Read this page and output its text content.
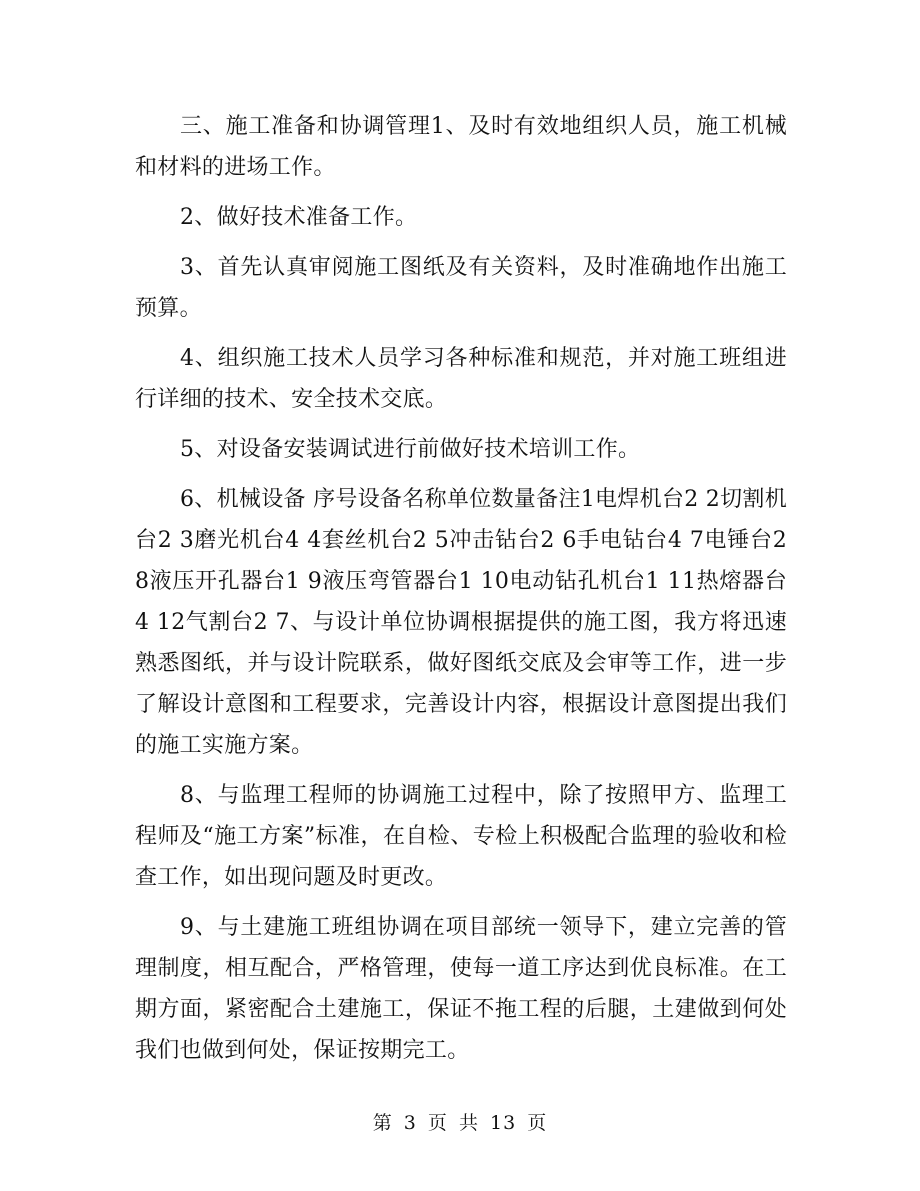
三、施工准备和协调管理1、及时有效地组织人员，施工机械和材料的进场工作。

2、做好技术准备工作。

3、首先认真审阅施工图纸及有关资料，及时准确地作出施工预算。

4、组织施工技术人员学习各种标准和规范，并对施工班组进行详细的技术、安全技术交底。

5、对设备安装调试进行前做好技术培训工作。

6、机械设备 序号设备名称单位数量备注1电焊机台2 2切割机台2 3磨光机台4 4套丝机台2 5冲击钻台2 6手电钻台4 7电锤台2 8液压开孔器台1 9液压弯管器台1 10电动钻孔机台1 11热熔器台4 12气割台2 7、与设计单位协调根据提供的施工图，我方将迅速熟悉图纸，并与设计院联系，做好图纸交底及会审等工作，进一步了解设计意图和工程要求，完善设计内容，根据设计意图提出我们的施工实施方案。

8、与监理工程师的协调施工过程中，除了按照甲方、监理工程师及“施工方案”标准，在自检、专检上积极配合监理的验收和检查工作，如出现问题及时更改。

9、与土建施工班组协调在项目部统一领导下，建立完善的管理制度，相互配合，严格管理，使每一道工序达到优良标准。在工期方面，紧密配合土建施工，保证不拖工程的后腿，土建做到何处我们也做到何处，保证按期完工。

第 3 页 共 13 页
